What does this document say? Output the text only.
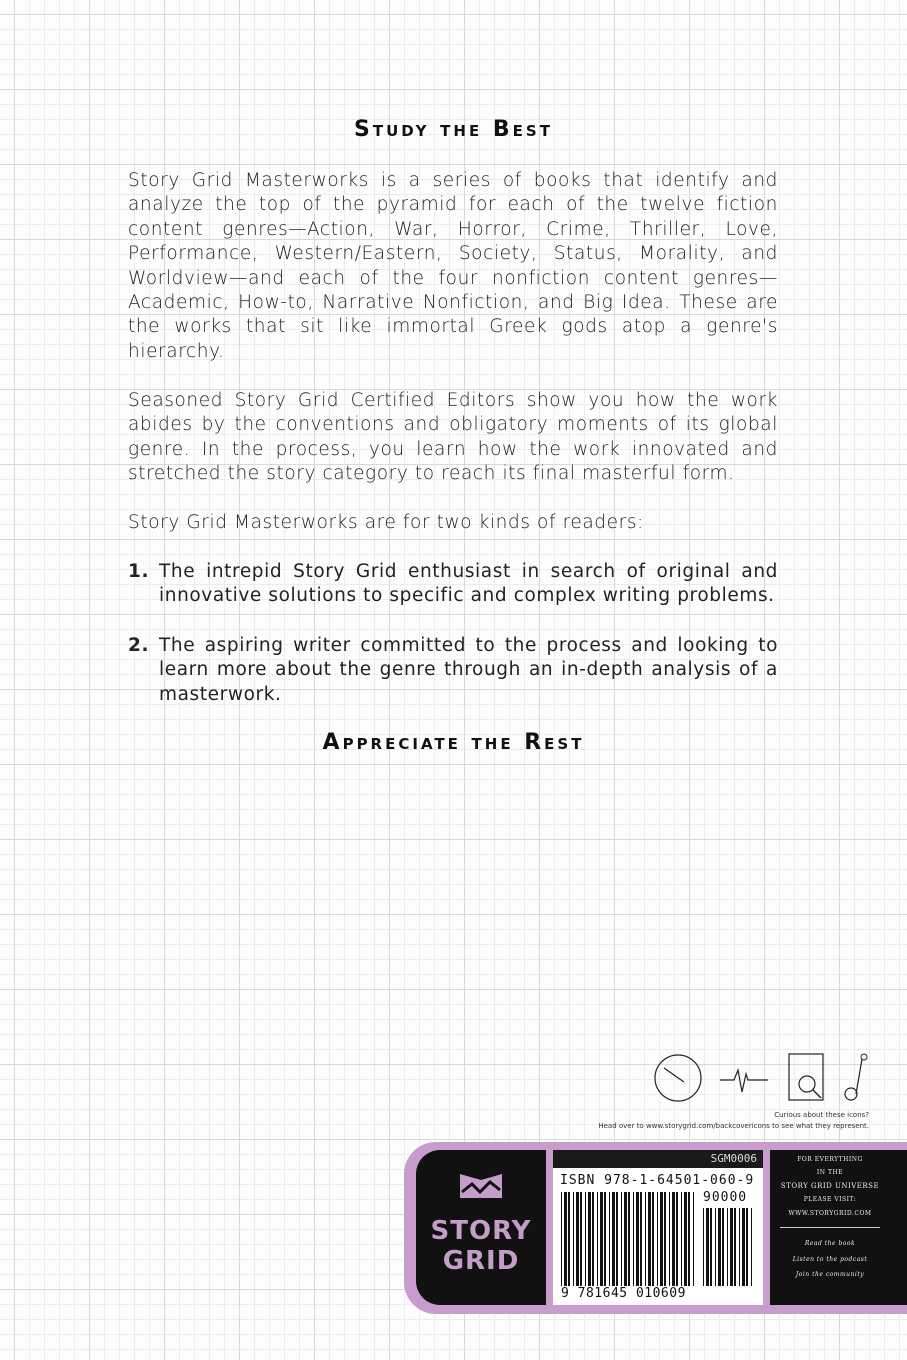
Study the Best
Story Grid Masterworks is a series of books that identify and analyze the top of the pyramid for each of the twelve fiction content genres—Action, War, Horror, Crime, Thriller, Love, Performance, Western/Eastern, Society, Status, Morality, and Worldview—and each of the four nonfiction content genres—Academic, How-to, Narrative Nonfiction, and Big Idea. These are the works that sit like immortal Greek gods atop a genre's hierarchy.
Seasoned Story Grid Certified Editors show you how the work abides by the conventions and obligatory moments of its global genre. In the process, you learn how the work innovated and stretched the story category to reach its final masterful form.
Story Grid Masterworks are for two kinds of readers:
1. The intrepid Story Grid enthusiast in search of original and innovative solutions to specific and complex writing problems.
2. The aspiring writer committed to the process and looking to learn more about the genre through an in-depth analysis of a masterwork.
Appreciate the Rest
Curious about these icons?
Head over to www.storygrid.com/backcovericons to see what they represent.
STORY
GRID
SGM0006
ISBN 978-1-64501-060-9
90000
9 781645 010609
FOR EVERYTHING
IN THE
STORY GRID UNIVERSE
PLEASE VISIT:
WWW.STORYGRID.COM
Read the book
Listen to the podcast
Join the community
